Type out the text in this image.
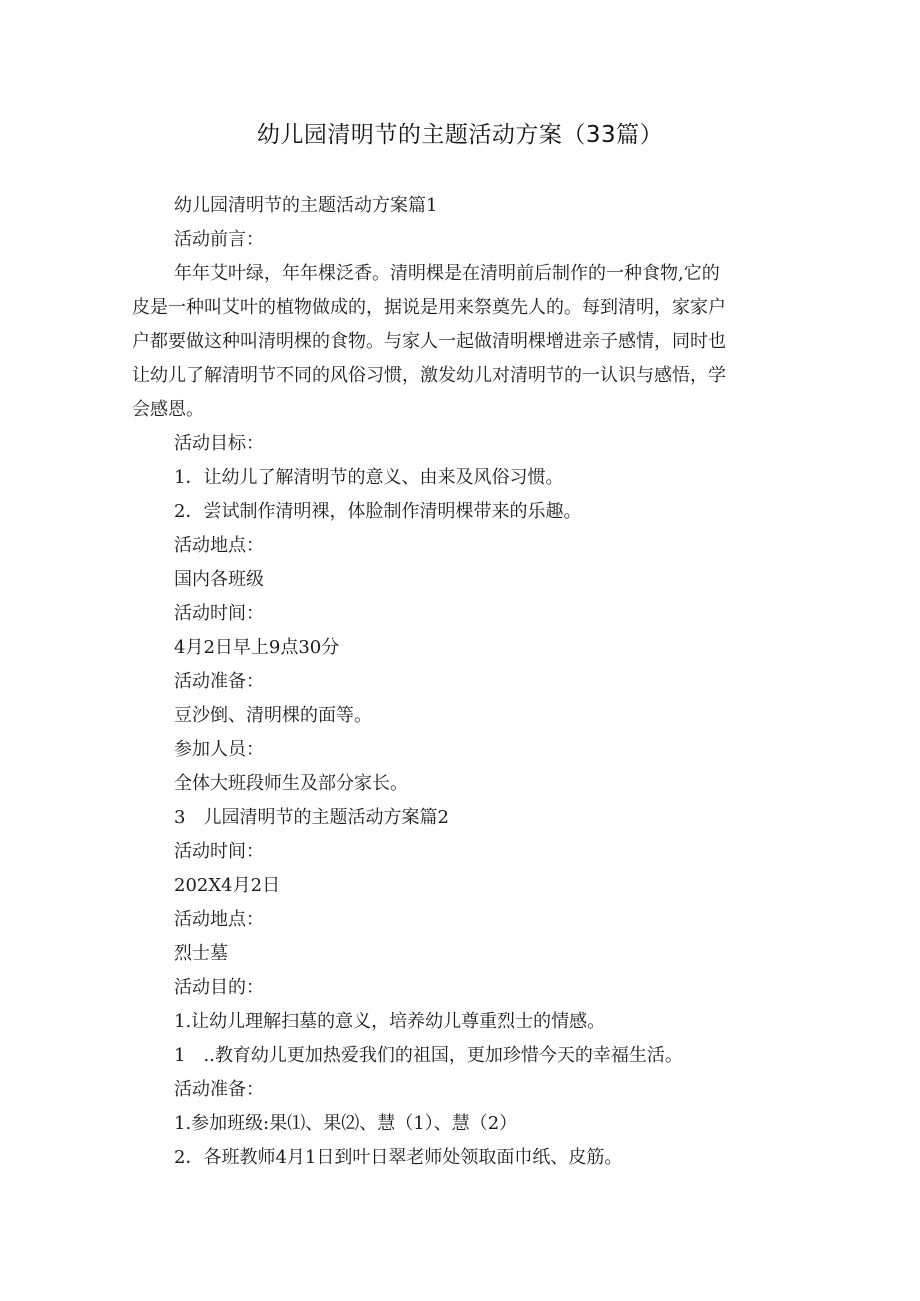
幼儿园清明节的主题活动方案（33篇）

幼儿园清明节的主题活动方案篇1

活动前言：

年年艾叶绿，年年棵泛香。清明棵是在清明前后制作的一种食物,它的
皮是一种叫艾叶的植物做成的，据说是用来祭奠先人的。每到清明，家家户
户都要做这种叫清明棵的食物。与家人一起做清明棵增进亲子感情，同时也
让幼儿了解清明节不同的风俗习惯，激发幼儿对清明节的一认识与感悟，学
会感恩。

活动目标：

1．让幼儿了解清明节的意义、由来及风俗习惯。

2．尝试制作清明裸，体脸制作清明棵带来的乐趣。

活动地点：

国内各班级

活动时间：

4月2日早上9点30分

活动准备：

豆沙倒、清明棵的面等。

参加人员：

全体大班段师生及部分家长。

3　儿园清明节的主题活动方案篇2

活动时间：

202X4月2日

活动地点：

烈士墓

活动目的：

1.让幼儿理解扫墓的意义，培养幼儿尊重烈士的情感。

1　..教育幼儿更加热爱我们的祖国，更加珍惜今天的幸福生活。

活动准备：

1.参加班级:果⑴、果⑵、慧（1）、慧（2）

2．各班教师4月1日到叶日翠老师处领取面巾纸、皮筋。
